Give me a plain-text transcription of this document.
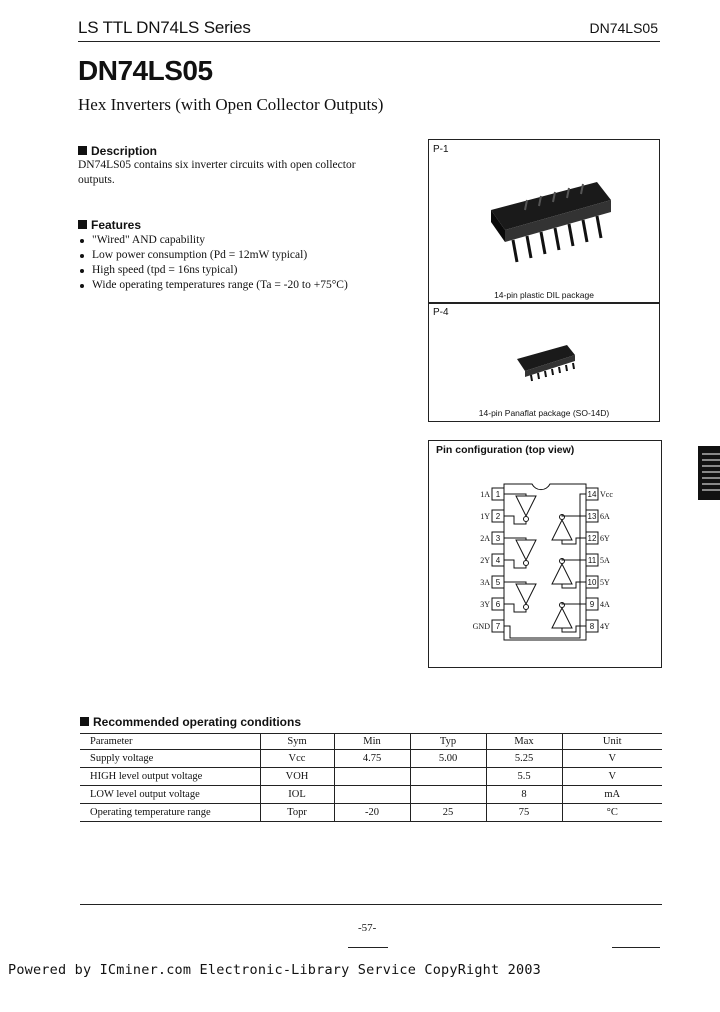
LS TTL DN74LS Series	DN74LS05
DN74LS05
Hex Inverters (with Open Collector Outputs)
Description
DN74LS05 contains six inverter circuits with open collector outputs.
Features
"Wired" AND capability
Low power consumption (Pd = 12mW typical)
High speed (tpd = 16ns typical)
Wide operating temperatures range (Ta = -20 to +75°C)
P-1
14-pin plastic DIL package
P-4
14-pin Panaflat package (SO-14D)
Pin configuration (top view)
1
2
3
4
5
6
7
14
13
12
11
10
9
8
1A
1Y
2A
2Y
3A
3Y
GND
Vcc
6A
6Y
5A
5Y
4A
4Y
Recommended operating conditions
Parameter	Sym	Min	Typ	Max	Unit
Supply voltage	Vcc	4.75	5.00	5.25	V
HIGH level output voltage	VOH			5.5	V
LOW level output voltage	IOL			8	mA
Operating temperature range	Topr	-20	25	75	°C
-57-
Powered by ICminer.com Electronic-Library Service CopyRight 2003
